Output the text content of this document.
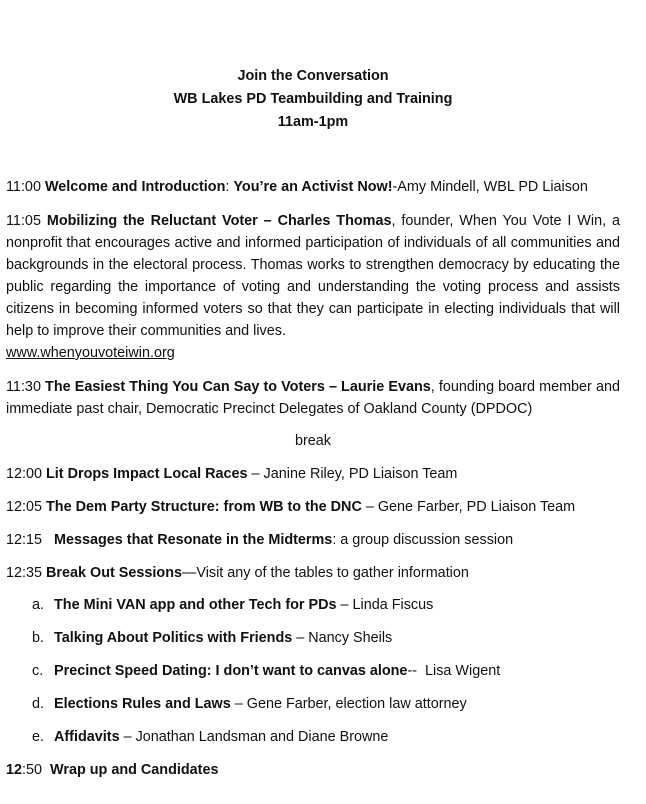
Join the Conversation
WB Lakes PD Teambuilding and Training
11am-1pm
11:00 Welcome and Introduction: You’re an Activist Now!-Amy Mindell, WBL PD Liaison
11:05 Mobilizing the Reluctant Voter – Charles Thomas, founder, When You Vote I Win, a nonprofit that encourages active and informed participation of individuals of all communities and backgrounds in the electoral process. Thomas works to strengthen democracy by educating the public regarding the importance of voting and understanding the voting process and assists citizens in becoming informed voters so that they can participate in electing individuals that will help to improve their communities and lives.
www.whenyouvoteiwin.org
11:30 The Easiest Thing You Can Say to Voters – Laurie Evans, founding board member and immediate past chair, Democratic Precinct Delegates of Oakland County (DPDOC)
break
12:00 Lit Drops Impact Local Races – Janine Riley, PD Liaison Team
12:05 The Dem Party Structure: from WB to the DNC – Gene Farber, PD Liaison Team
12:15   Messages that Resonate in the Midterms: a group discussion session
12:35 Break Out Sessions—Visit any of the tables to gather information
a. The Mini VAN app and other Tech for PDs – Linda Fiscus
b. Talking About Politics with Friends – Nancy Sheils
c. Precinct Speed Dating: I don’t want to canvas alone--  Lisa Wigent
d. Elections Rules and Laws – Gene Farber, election law attorney
e. Affidavits – Jonathan Landsman and Diane Browne
12:50  Wrap up and Candidates
